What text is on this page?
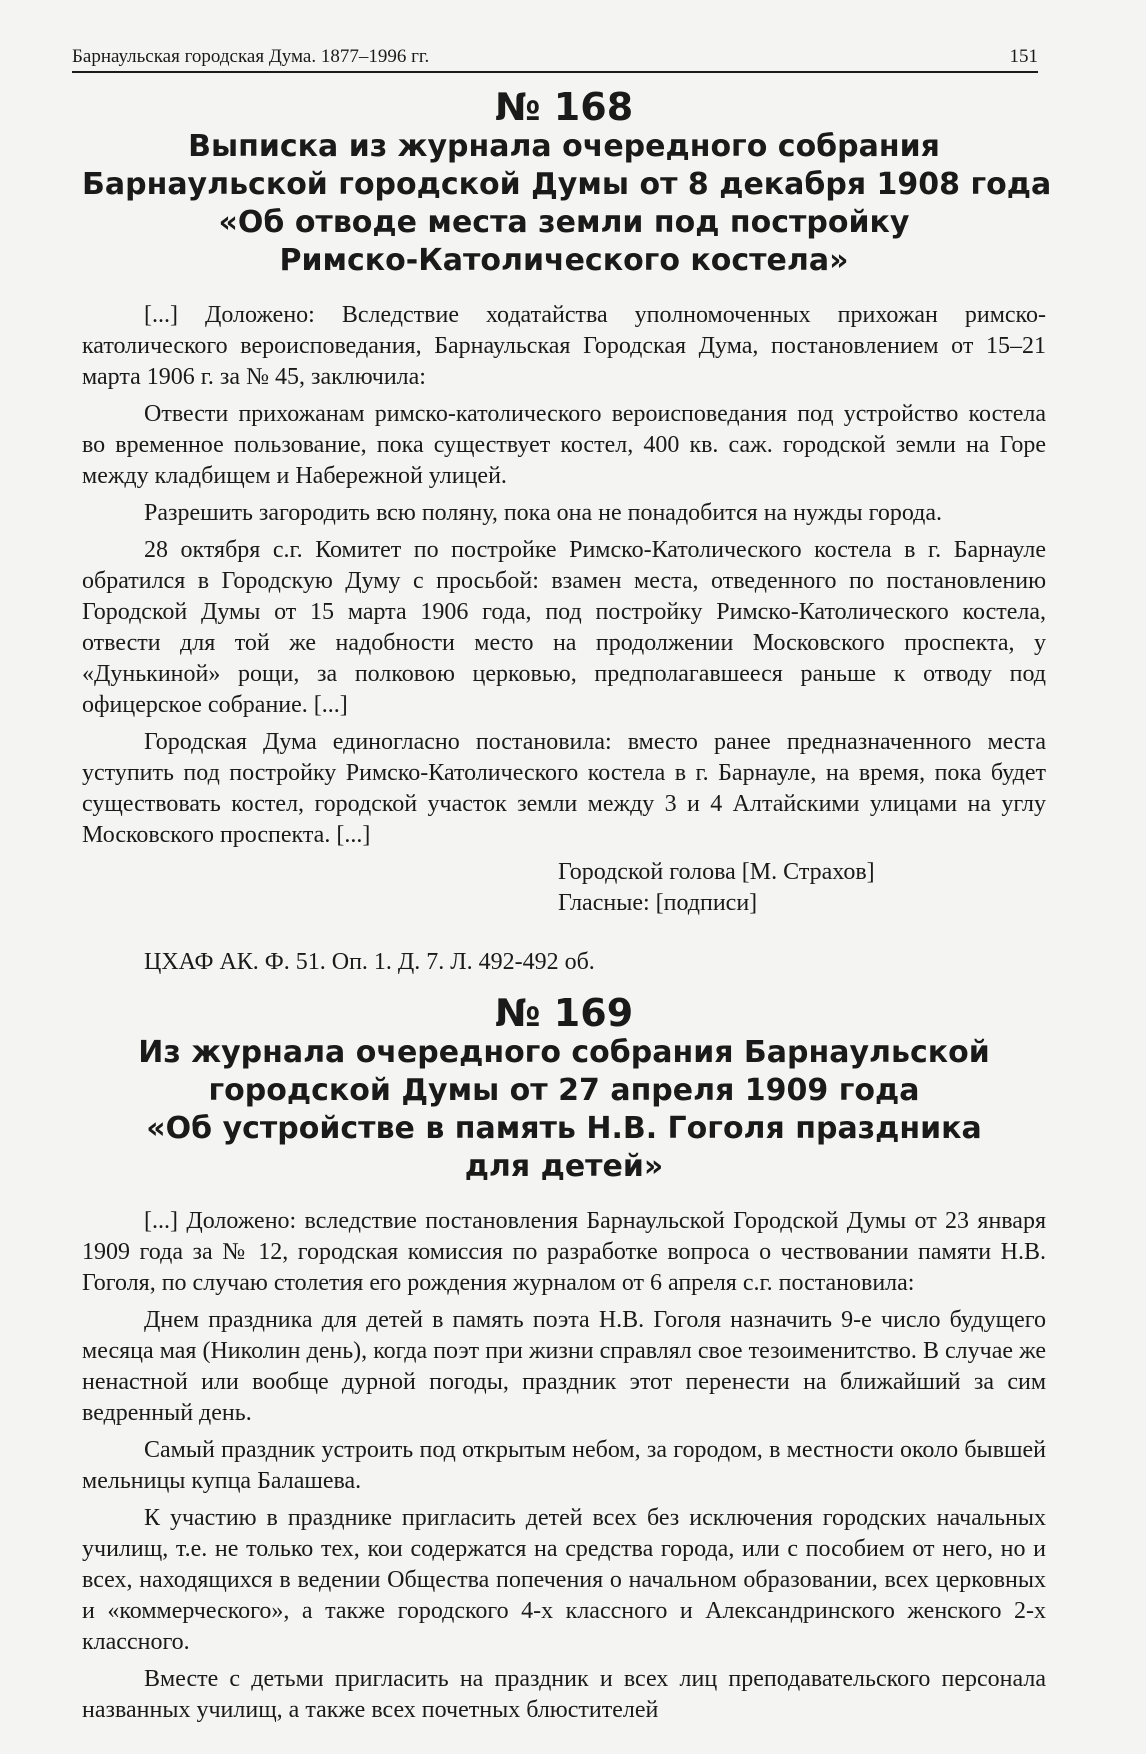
Барнаульская городская Дума. 1877–1996 гг.	151
№ 168
Выписка из журнала очередного собрания
Барнаульской городской Думы от 8 декабря 1908 года
«Об отводе места земли под постройку
Римско-Католического костела»

[...] Доложено: Вследствие ходатайства уполномоченных прихожан римско-католического вероисповедания, Барнаульская Городская Дума, постановлением от 15–21 марта 1906 г. за № 45, заключила:

Отвести прихожанам римско-католического вероисповедания под устройство костела во временное пользование, пока существует костел, 400 кв. саж. городской земли на Горе между кладбищем и Набережной улицей.

Разрешить загородить всю поляну, пока она не понадобится на нужды города.

28 октября с.г. Комитет по постройке Римско-Католического костела в г. Барнауле обратился в Городскую Думу с просьбой: взамен места, отведенного по постановлению Городской Думы от 15 марта 1906 года, под постройку Римско-Католического костела, отвести для той же надобности место на продолжении Московского проспекта, у «Дунькиной» рощи, за полковою церковью, предполагавшееся раньше к отводу под офицерское собрание. [...]

Городская Дума единогласно постановила: вместо ранее предназначенного места уступить под постройку Римско-Католического костела в г. Барнауле, на время, пока будет существовать костел, городской участок земли между 3 и 4 Алтайскими улицами на углу Московского проспекта. [...]

Городской голова [М. Страхов]
Гласные: [подписи]
ЦХАФ АК. Ф. 51. Оп. 1. Д. 7. Л. 492-492 об.
№ 169
Из журнала очередного собрания Барнаульской
городской Думы от 27 апреля 1909 года
«Об устройстве в память Н.В. Гоголя праздника
для детей»

[...] Доложено: вследствие постановления Барнаульской Городской Думы от 23 января 1909 года за № 12, городская комиссия по разработке вопроса о чествовании памяти Н.В. Гоголя, по случаю столетия его рождения журналом от 6 апреля с.г. постановила:

Днем праздника для детей в память поэта Н.В. Гоголя назначить 9-е число будущего месяца мая (Николин день), когда поэт при жизни справлял свое тезоименитство. В случае же ненастной или вообще дурной погоды, праздник этот перенести на ближайший за сим ведренный день.

Самый праздник устроить под открытым небом, за городом, в местности около бывшей мельницы купца Балашева.

К участию в празднике пригласить детей всех без исключения городских начальных училищ, т.е. не только тех, кои содержатся на средства города, или с пособием от него, но и всех, находящихся в ведении Общества попечения о начальном образовании, всех церковных и «коммерческого», а также городского 4-х классного и Александринского женского 2-х классного.

Вместе с детьми пригласить на праздник и всех лиц преподавательского персонала названных училищ, а также всех почетных блюстителей
